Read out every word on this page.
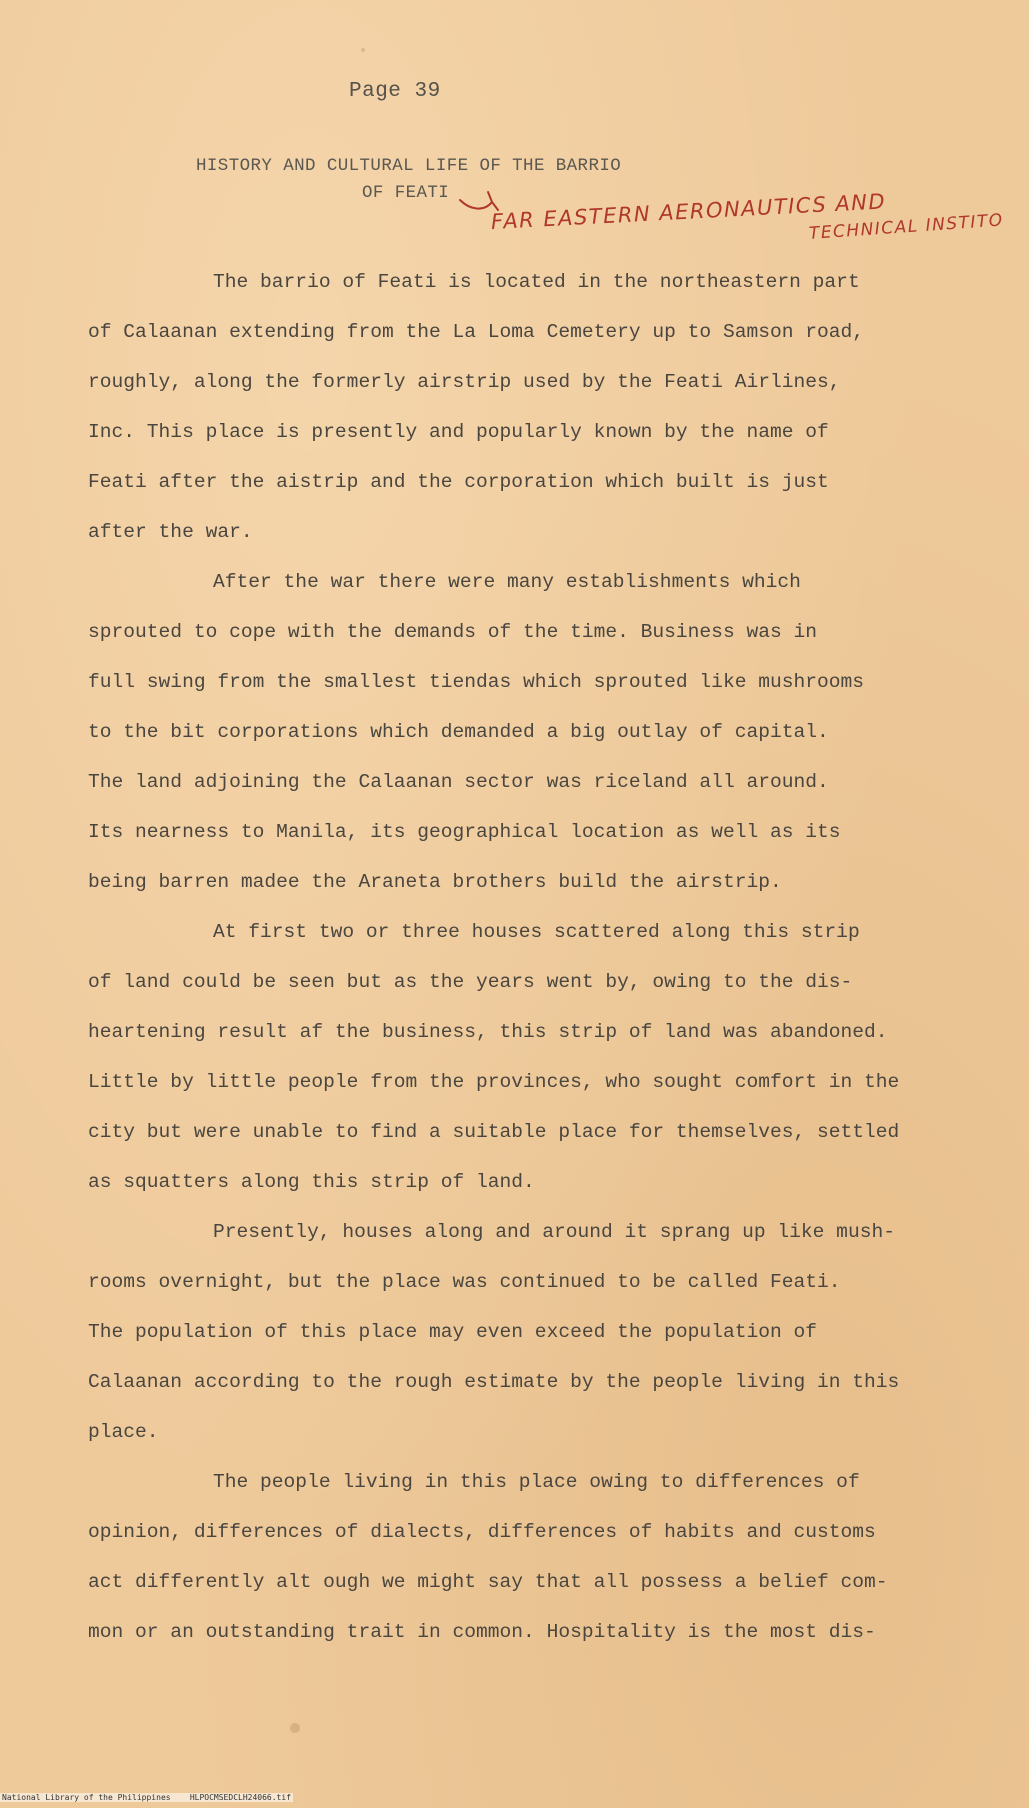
Page 39
HISTORY AND CULTURAL LIFE OF THE BARRIO
OF FEATI FAR EASTERN AERONAUTICS AND
TECHNICAL INSTITO
The barrio of Feati is located in the northeastern part
of Calaanan extending from the La Loma Cemetery up to Samson road,
roughly, along the formerly airstrip used by the Feati Airlines,
Inc. This place is presently and popularly known by the name of
Feati after the aistrip and the corporation which built is just
after the war.
After the war there were many establishments which
sprouted to cope with the demands of the time. Business was in
full swing from the smallest tiendas which sprouted like mushrooms
to the bit corporations which demanded a big outlay of capital.
The land adjoining the Calaanan sector was riceland all around.
Its nearness to Manila, its geographical location as well as its
being barren madee the Araneta brothers build the airstrip.
At first two or three houses scattered along this strip
of land could be seen but as the years went by, owing to the dis-
heartening result af the business, this strip of land was abandoned.
Little by little people from the provinces, who sought comfort in the
city but were unable to find a suitable place for themselves, settled
as squatters along this strip of land.
Presently, houses along and around it sprang up like mush-
rooms overnight, but the place was continued to be called Feati.
The population of this place may even exceed the population of
Calaanan according to the rough estimate by the people living in this
place.
The people living in this place owing to differences of
opinion, differences of dialects, differences of habits and customs
act differently alt ough we might say that all possess a belief com-
mon or an outstanding trait in common. Hospitality is the most dis-
National Library of the Philippines    HLPOCMSEDCLH24066.tif
